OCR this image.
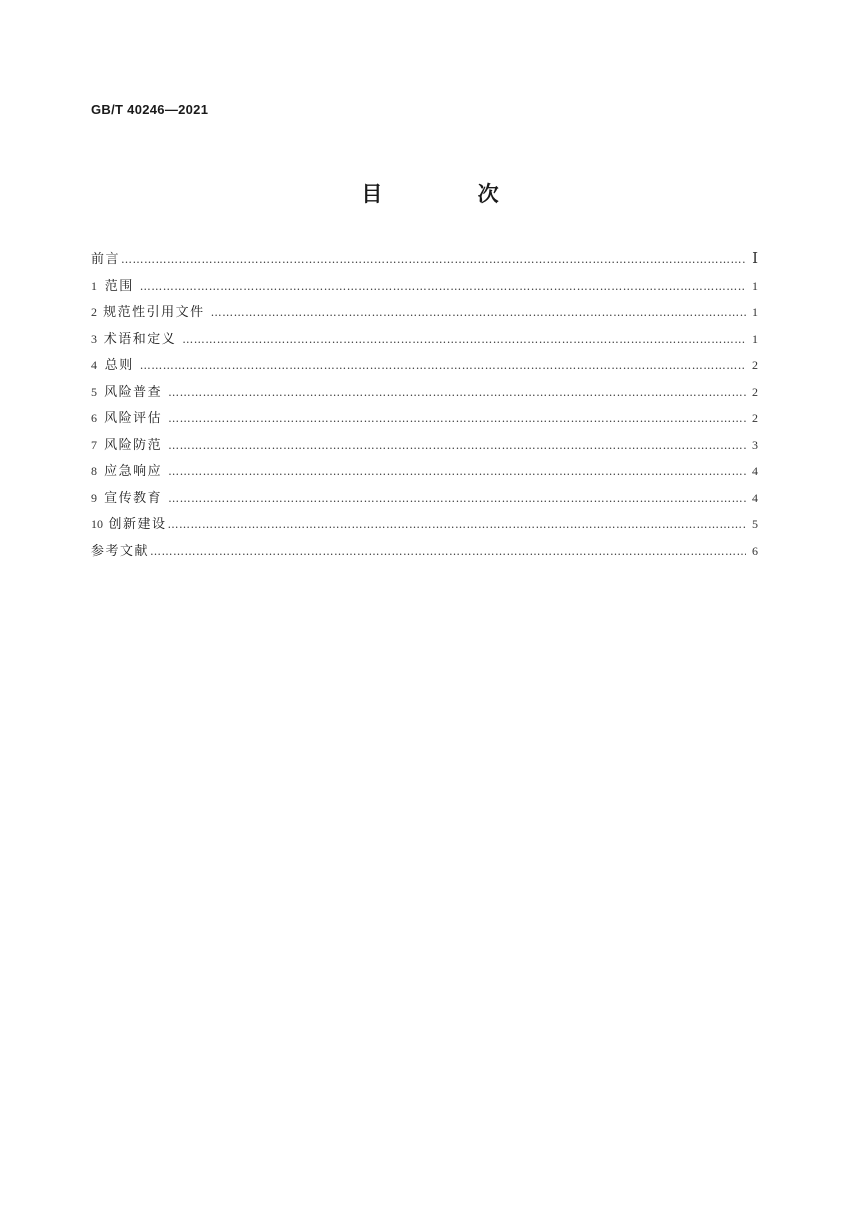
GB/T 40246—2021

目 次
前言 ……………………………………………………………………………………………………………………………………………………………………………………………………………………………………………………	Ⅰ
1 范围 ……………………………………………………………………………………………………………………………………………………………………………………………………………………………………………………	1
2 规范性引用文件 ……………………………………………………………………………………………………………………………………………………………………………………………………………………………………………………	1
3 术语和定义 ……………………………………………………………………………………………………………………………………………………………………………………………………………………………………………………	1
4 总则 ……………………………………………………………………………………………………………………………………………………………………………………………………………………………………………………	2
5 风险普查 ……………………………………………………………………………………………………………………………………………………………………………………………………………………………………………………	2
6 风险评估 ……………………………………………………………………………………………………………………………………………………………………………………………………………………………………………………	2
7 风险防范 ……………………………………………………………………………………………………………………………………………………………………………………………………………………………………………………	3
8 应急响应 ……………………………………………………………………………………………………………………………………………………………………………………………………………………………………………………	4
9 宣传教育 ……………………………………………………………………………………………………………………………………………………………………………………………………………………………………………………	4
10 创新建设 ……………………………………………………………………………………………………………………………………………………………………………………………………………………………………………………	5
参考文献 ……………………………………………………………………………………………………………………………………………………………………………………………………………………………………………………	6
